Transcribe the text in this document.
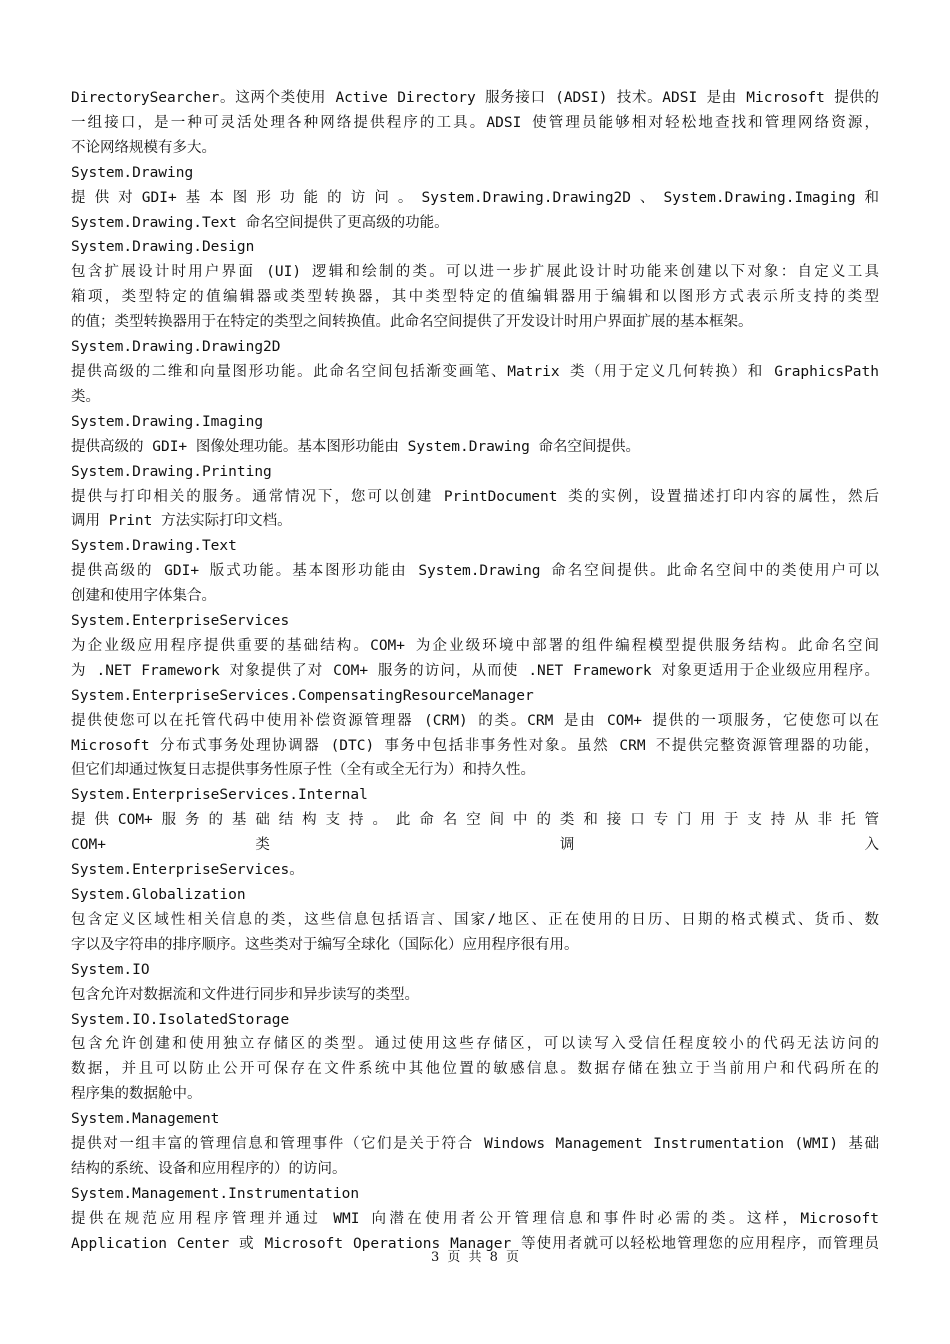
DirectorySearcher。这两个类使用 Active Directory 服务接口 (ADSI) 技术。ADSI 是由 Microsoft 提供的
一组接口，是一种可灵活处理各种网络提供程序的工具。ADSI 使管理员能够相对轻松地查找和管理网络资源，
不论网络规模有多大。
System.Drawing
提 供 对 GDI+ 基 本 图 形 功 能 的 访 问 。 System.Drawing.Drawing2D 、 System.Drawing.Imaging 和
System.Drawing.Text 命名空间提供了更高级的功能。
System.Drawing.Design
包含扩展设计时用户界面 (UI) 逻辑和绘制的类。可以进一步扩展此设计时功能来创建以下对象：自定义工具
箱项，类型特定的值编辑器或类型转换器，其中类型特定的值编辑器用于编辑和以图形方式表示所支持的类型
的值；类型转换器用于在特定的类型之间转换值。此命名空间提供了开发设计时用户界面扩展的基本框架。
System.Drawing.Drawing2D
提供高级的二维和向量图形功能。此命名空间包括渐变画笔、Matrix 类（用于定义几何转换）和 GraphicsPath
类。
System.Drawing.Imaging
提供高级的 GDI+ 图像处理功能。基本图形功能由 System.Drawing 命名空间提供。
System.Drawing.Printing
提供与打印相关的服务。通常情况下，您可以创建 PrintDocument 类的实例，设置描述打印内容的属性，然后
调用 Print 方法实际打印文档。
System.Drawing.Text
提供高级的 GDI+ 版式功能。基本图形功能由 System.Drawing 命名空间提供。此命名空间中的类使用户可以
创建和使用字体集合。
System.EnterpriseServices
为企业级应用程序提供重要的基础结构。COM+ 为企业级环境中部署的组件编程模型提供服务结构。此命名空间
为 .NET Framework 对象提供了对 COM+ 服务的访问，从而使 .NET Framework 对象更适用于企业级应用程序。
System.EnterpriseServices.CompensatingResourceManager
提供使您可以在托管代码中使用补偿资源管理器 (CRM) 的类。CRM 是由 COM+ 提供的一项服务，它使您可以在
Microsoft 分布式事务处理协调器 (DTC) 事务中包括非事务性对象。虽然 CRM 不提供完整资源管理器的功能，
但它们却通过恢复日志提供事务性原子性（全有或全无行为）和持久性。
System.EnterpriseServices.Internal
提 供 COM+ 服 务 的 基 础 结 构 支 持 。 此 命 名 空 间 中 的 类 和 接 口 专 门 用 于 支 持 从 非 托 管 COM+ 类 调 入
System.EnterpriseServices。
System.Globalization
包含定义区域性相关信息的类，这些信息包括语言、国家/地区、正在使用的日历、日期的格式模式、货币、数
字以及字符串的排序顺序。这些类对于编写全球化（国际化）应用程序很有用。
System.IO
包含允许对数据流和文件进行同步和异步读写的类型。
System.IO.IsolatedStorage
包含允许创建和使用独立存储区的类型。通过使用这些存储区，可以读写入受信任程度较小的代码无法访问的
数据，并且可以防止公开可保存在文件系统中其他位置的敏感信息。数据存储在独立于当前用户和代码所在的
程序集的数据舱中。
System.Management
提供对一组丰富的管理信息和管理事件（它们是关于符合 Windows Management Instrumentation (WMI) 基础
结构的系统、设备和应用程序的）的访问。
System.Management.Instrumentation
提供在规范应用程序管理并通过 WMI 向潜在使用者公开管理信息和事件时必需的类。这样，Microsoft
Application Center 或 Microsoft Operations Manager 等使用者就可以轻松地管理您的应用程序，而管理员
3 页 共 8 页
